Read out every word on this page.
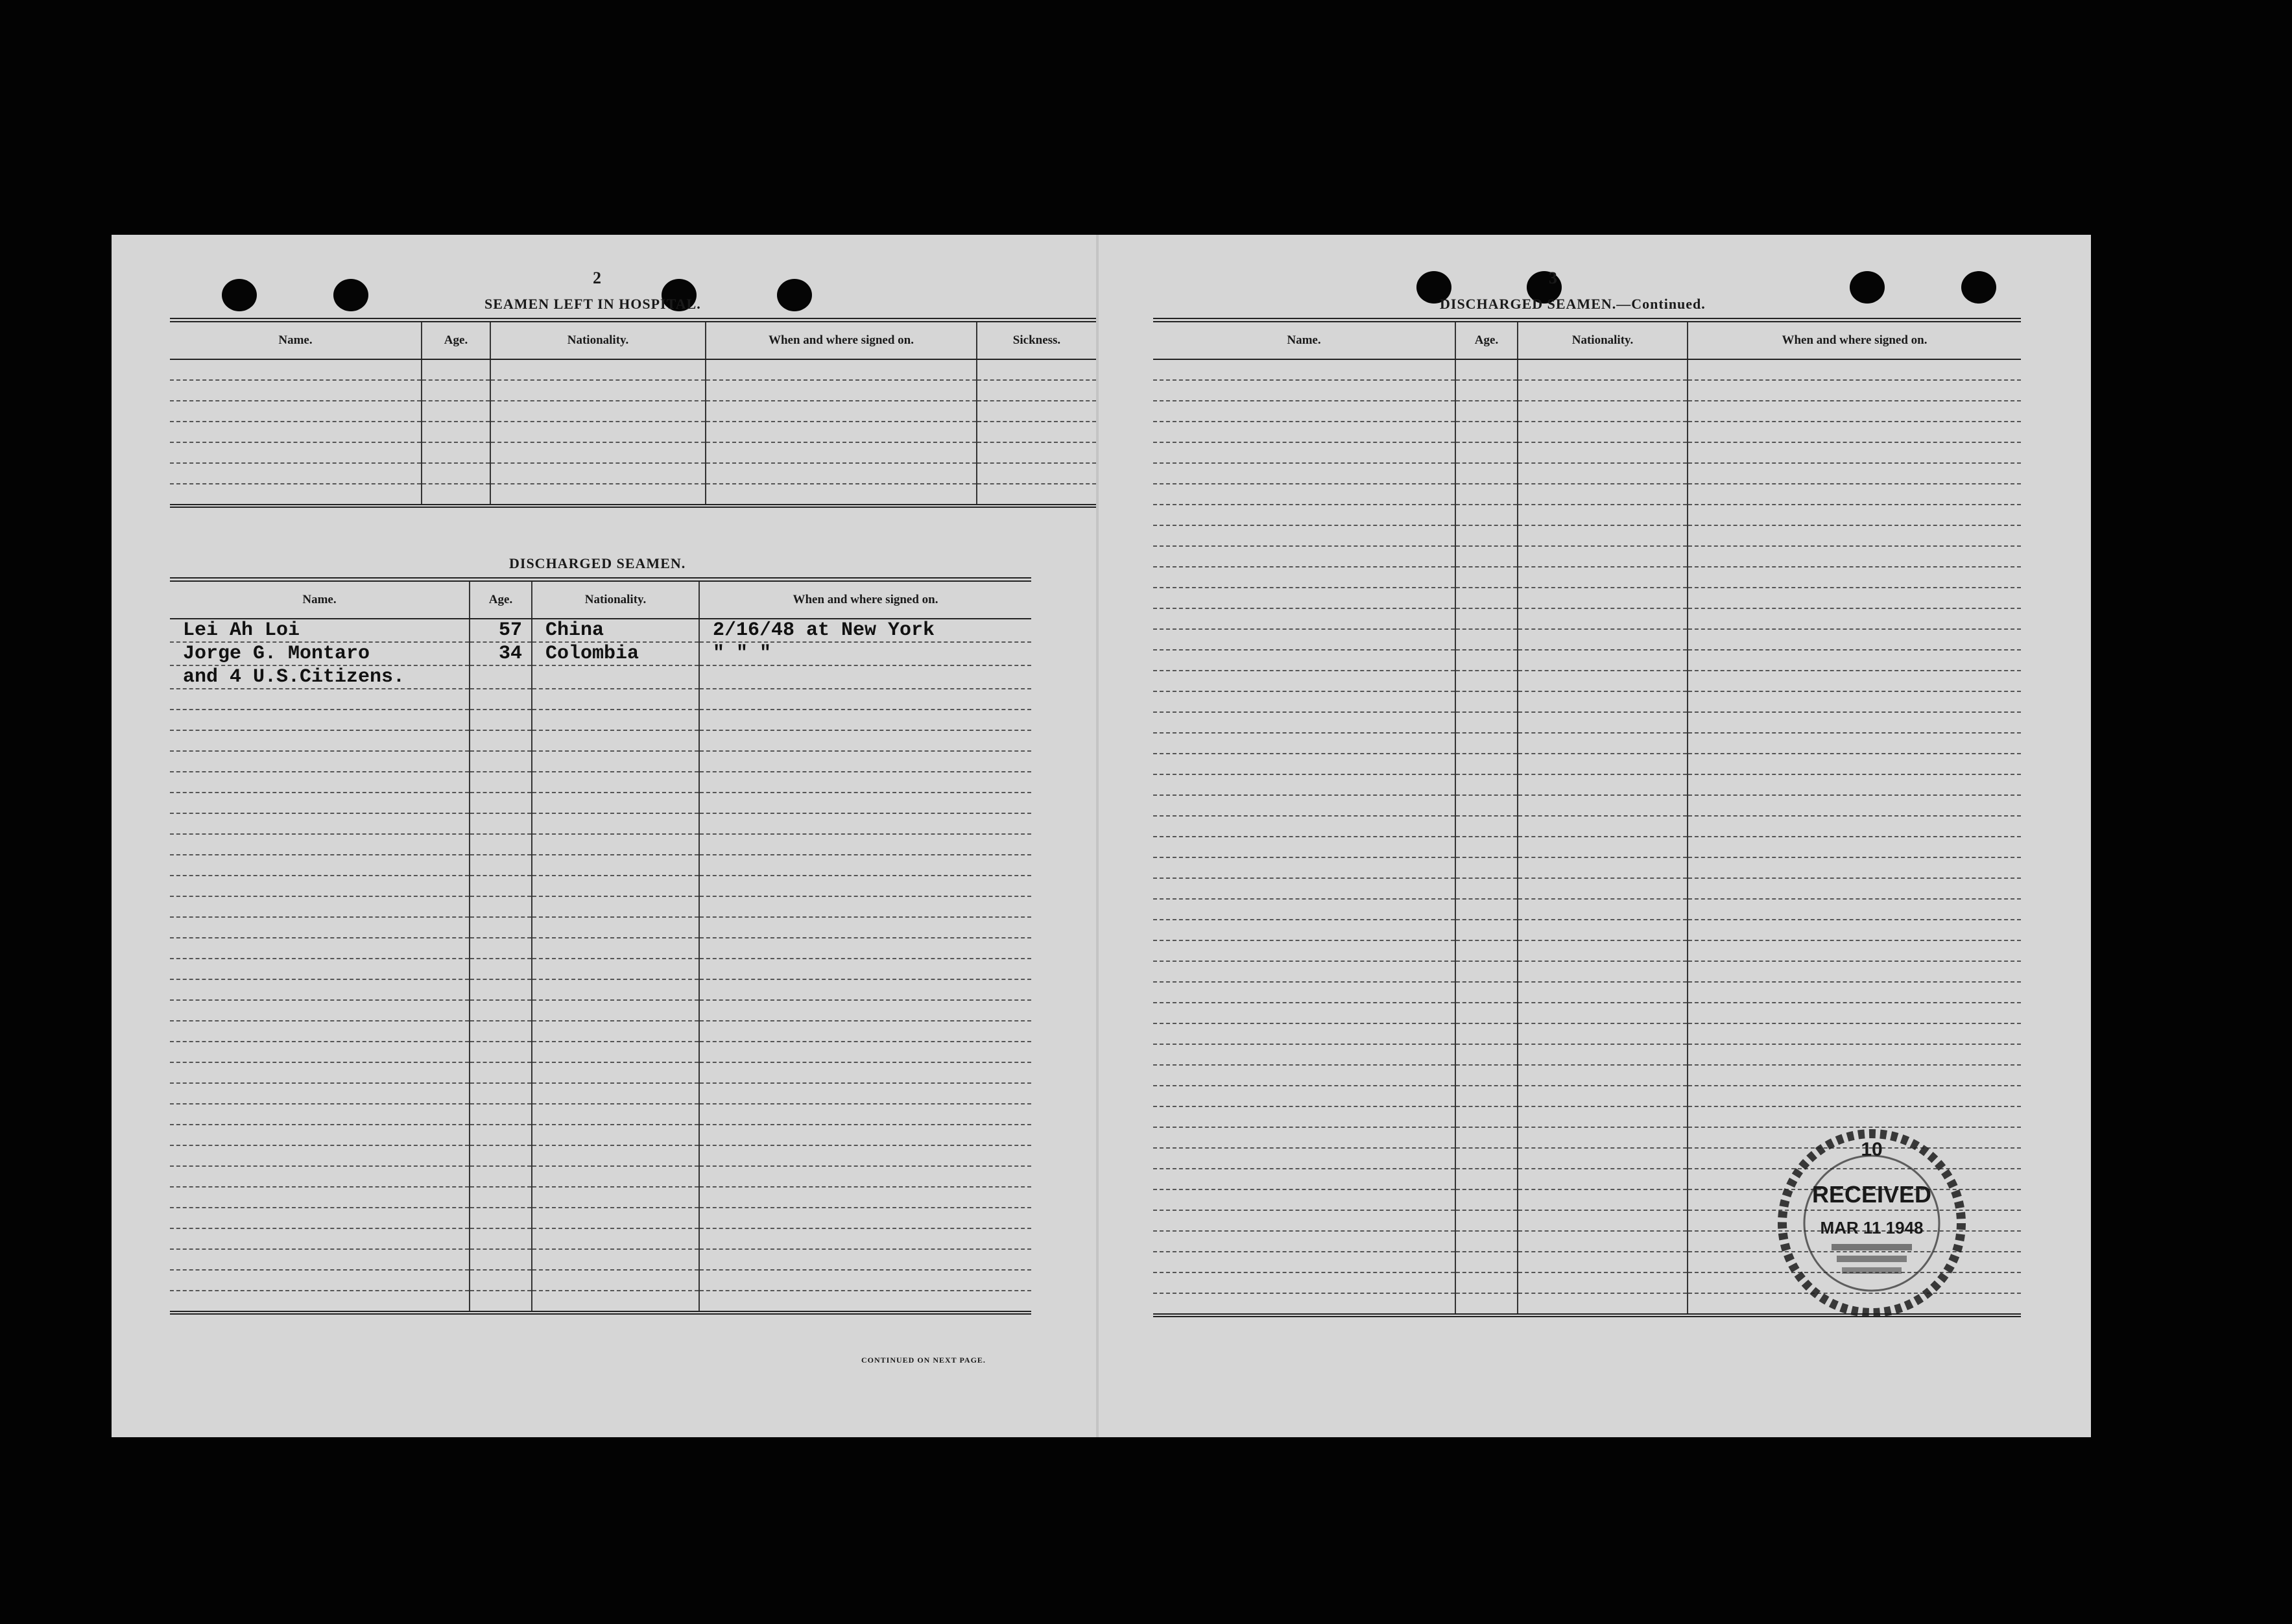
2
SEAMEN LEFT IN HOSPITAL.
Name.	Age.	Nationality.	When and where signed on.	Sickness.

DISCHARGED SEAMEN.
Name.	Age.	Nationality.	When and where signed on.
Lei Ah Loi	57	China	2/16/48 at New York
Jorge G. Montaro	34	Colombia	" " "
and 4 U.S.Citizens.			

CONTINUED ON NEXT PAGE.
3
DISCHARGED SEAMEN.—Continued.
Name.	Age.	Nationality.	When and where signed on.

10
RECEIVED
MAR 11 1948
